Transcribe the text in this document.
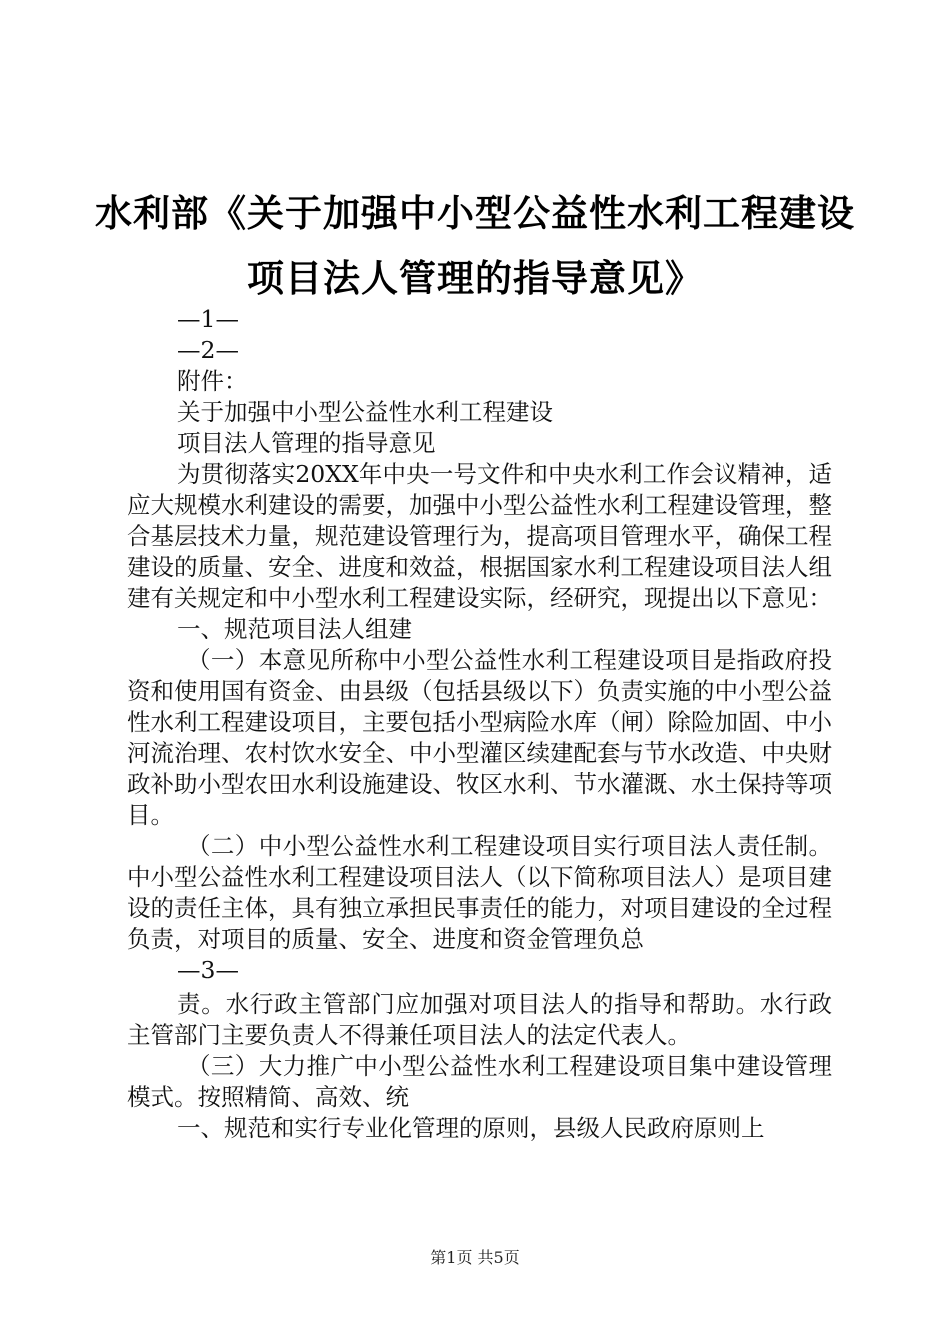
水利部《关于加强中小型公益性水利工程建设
项目法人管理的指导意见》
—1—
—2—
附件：
关于加强中小型公益性水利工程建设
项目法人管理的指导意见
为贯彻落实20XX年中央一号文件和中央水利工作会议精神，适应大规模水利建设的需要，加强中小型公益性水利工程建设管理，整合基层技术力量，规范建设管理行为，提高项目管理水平，确保工程建设的质量、安全、进度和效益，根据国家水利工程建设项目法人组建有关规定和中小型水利工程建设实际，经研究，现提出以下意见：
一、规范项目法人组建
（一）本意见所称中小型公益性水利工程建设项目是指政府投资和使用国有资金、由县级（包括县级以下）负责实施的中小型公益性水利工程建设项目，主要包括小型病险水库（闸）除险加固、中小河流治理、农村饮水安全、中小型灌区续建配套与节水改造、中央财政补助小型农田水利设施建设、牧区水利、节水灌溉、水土保持等项目。
（二）中小型公益性水利工程建设项目实行项目法人责任制。中小型公益性水利工程建设项目法人（以下简称项目法人）是项目建设的责任主体，具有独立承担民事责任的能力，对项目建设的全过程负责，对项目的质量、安全、进度和资金管理负总
—3—
责。水行政主管部门应加强对项目法人的指导和帮助。水行政主管部门主要负责人不得兼任项目法人的法定代表人。
（三）大力推广中小型公益性水利工程建设项目集中建设管理模式。按照精简、高效、统
一、规范和实行专业化管理的原则，县级人民政府原则上
第1页 共5页
